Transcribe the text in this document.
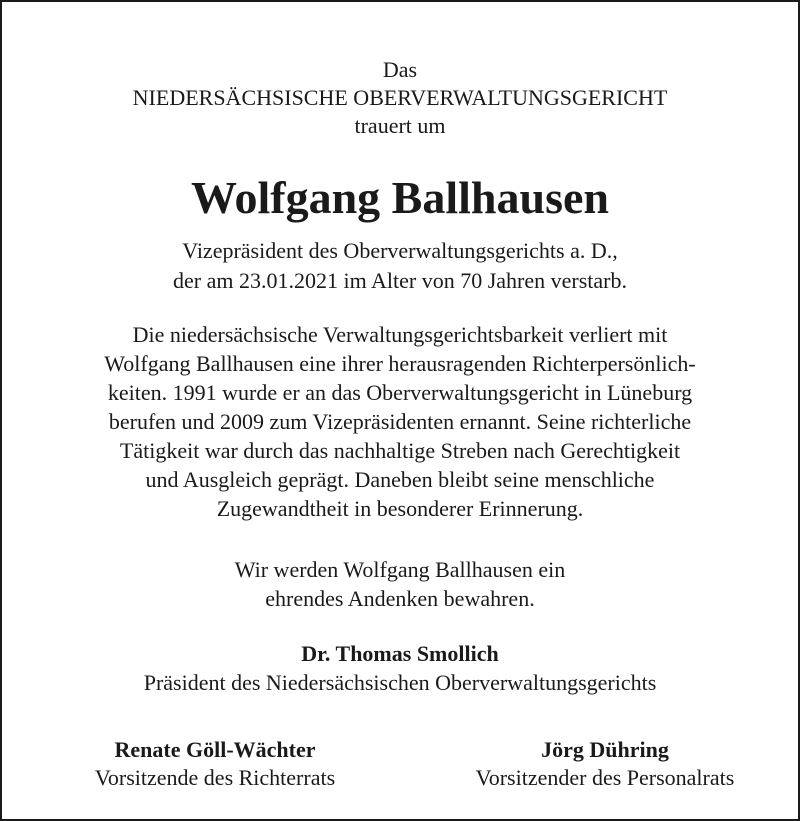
Das
NIEDERSÄCHSISCHE OBERVERWALTUNGSGERICHT
trauert um
Wolfgang Ballhausen
Vizepräsident des Oberverwaltungsgerichts a. D.,
der am 23.01.2021 im Alter von 70 Jahren verstarb.
Die niedersächsische Verwaltungsgerichtsbarkeit verliert mit
Wolfgang Ballhausen eine ihrer herausragenden Richterpersönlich-
keiten. 1991 wurde er an das Oberverwaltungsgericht in Lüneburg
berufen und 2009 zum Vizepräsidenten ernannt. Seine richterliche
Tätigkeit war durch das nachhaltige Streben nach Gerechtigkeit
und Ausgleich geprägt. Daneben bleibt seine menschliche
Zugewandtheit in besonderer Erinnerung.
Wir werden Wolfgang Ballhausen ein
ehrendes Andenken bewahren.
Dr. Thomas Smollich
Präsident des Niedersächsischen Oberverwaltungsgerichts
Renate Göll-Wächter
Vorsitzende des Richterrats
Jörg Dühring
Vorsitzender des Personalrats
